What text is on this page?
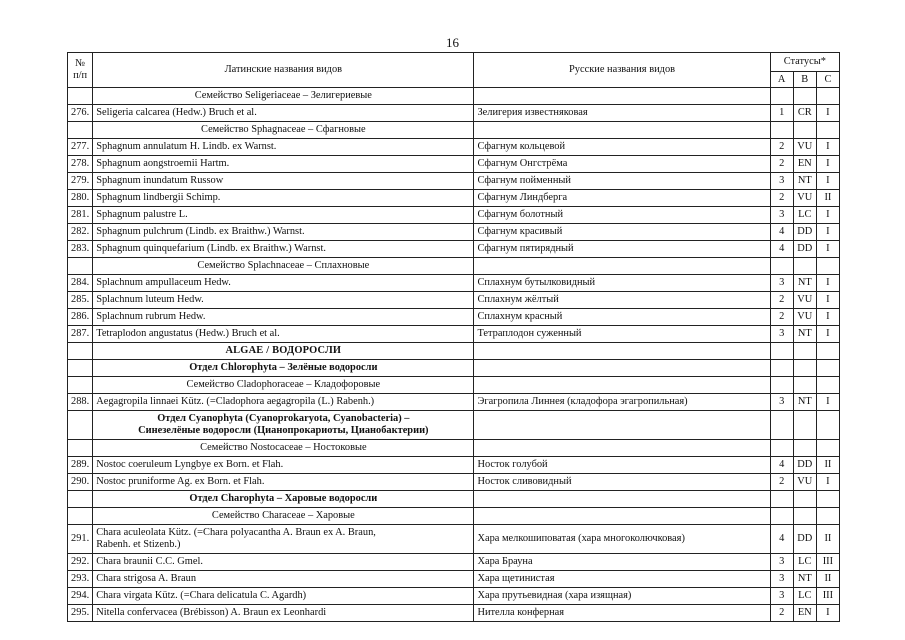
16
№
п/п	Латинские названия видов	Русские названия видов	Статусы*		
			A	B	C
	Семейство Seligeriaceae – Зелигериевые				
276.	Seligeria calcarea (Hedw.) Bruch et al.	Зелигерия известняковая	1	CR	I
	Семейство Sphagnaceae – Сфагновые				
277.	Sphagnum annulatum H. Lindb. ex Warnst.	Сфагнум кольцевой	2	VU	I
278.	Sphagnum aongstroemii Hartm.	Сфагнум Онгстрёма	2	EN	I
279.	Sphagnum inundatum Russow	Сфагнум пойменный	3	NT	I
280.	Sphagnum lindbergii Schimp.	Сфагнум Линдберга	2	VU	II
281.	Sphagnum palustre L.	Сфагнум болотный	3	LC	I
282.	Sphagnum pulchrum (Lindb. ex Braithw.) Warnst.	Сфагнум красивый	4	DD	I
283.	Sphagnum quinquefarium (Lindb. ex Braithw.) Warnst.	Сфагнум пятирядный	4	DD	I
	Семейство Splachnaceae – Сплахновые				
284.	Splachnum ampullaceum Hedw.	Сплахнум бутылковидный	3	NT	I
285.	Splachnum luteum Hedw.	Сплахнум жёлтый	2	VU	I
286.	Splachnum rubrum Hedw.	Сплахнум красный	2	VU	I
287.	Tetraplodon angustatus (Hedw.) Bruch et al.	Тетраплодон суженный	3	NT	I
	ALGAE / ВОДОРОСЛИ				
	Отдел Chlorophyta – Зелёные водоросли				
	Семейство Cladophoraceae – Кладофоровые				
288.	Aegagropila linnaei Kütz. (=Cladophora aegagropila (L.) Rabenh.)	Эгагропила Линнея (кладофора эгагропильная)	3	NT	I

	Отдел Cyanophyta (Cyanoprokaryota, Cyanobacteria) –
Синезелёные водоросли (Цианопрокариоты, Цианобактерии)				

	Семейство Nostocaceae – Ностоковые				
289.	Nostoc coeruleum Lyngbye ex Born. et Flah.	Носток голубой	4	DD	II
290.	Nostoc pruniforme Ag. ex Born. et Flah.	Носток сливовидный	2	VU	I
	Отдел Charophyta – Харовые водоросли				
	Семейство Characeae – Харовые				
291.	Chara aculeolata Kütz. (=Chara polyacantha A. Braun ex A. Braun,
Rabenh. et Stizenb.)	Хара мелкошиповатая (хара многоколючковая)	4	DD	II
292.	Chara braunii C.C. Gmel.	Хара Брауна	3	LC	III
293.	Chara strigosa A. Braun	Хара щетинистая	3	NT	II
294.	Chara virgata Kütz. (=Chara delicatula C. Agardh)	Хара прутьевидная (хара изящная)	3	LC	III
295.	Nitella confervacea (Brébisson) A. Braun ex Leonhardi	Нителла конферная	2	EN	I
